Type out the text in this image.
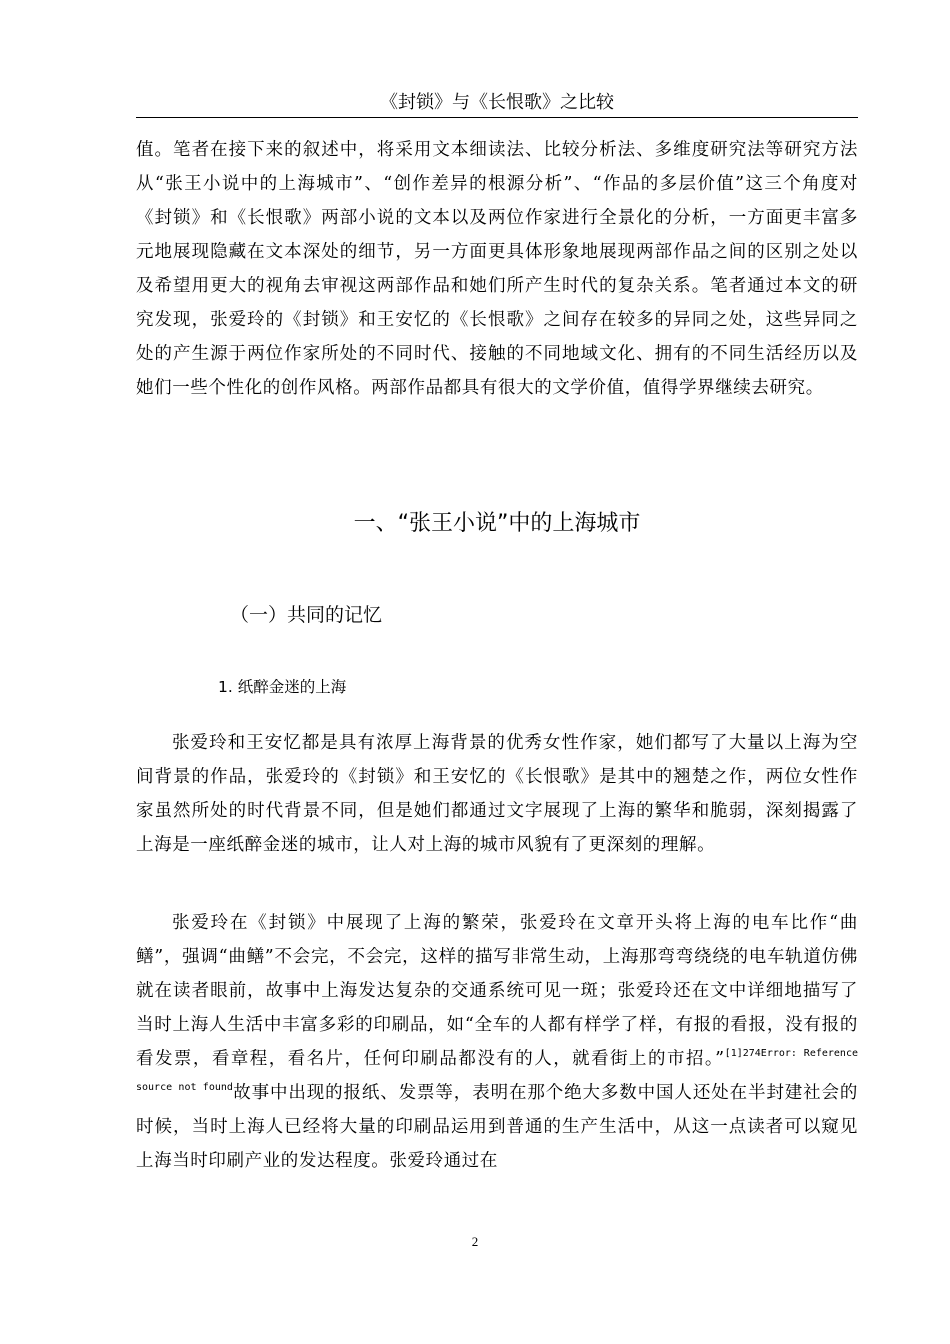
《封锁》与《长恨歌》之比较

值。笔者在接下来的叙述中，将采用文本细读法、比较分析法、多维度研究法等研究方法从“张王小说中的上海城市”、“创作差异的根源分析”、“作品的多层价值”这三个角度对《封锁》和《长恨歌》两部小说的文本以及两位作家进行全景化的分析，一方面更丰富多元地展现隐藏在文本深处的细节，另一方面更具体形象地展现两部作品之间的区别之处以及希望用更大的视角去审视这两部作品和她们所产生时代的复杂关系。笔者通过本文的研究发现，张爱玲的《封锁》和王安忆的《长恨歌》之间存在较多的异同之处，这些异同之处的产生源于两位作家所处的不同时代、接触的不同地域文化、拥有的不同生活经历以及她们一些个性化的创作风格。两部作品都具有很大的文学价值，值得学界继续去研究。

一、“张王小说”中的上海城市
（一）共同的记忆
1. 纸醉金迷的上海

张爱玲和王安忆都是具有浓厚上海背景的优秀女性作家，她们都写了大量以上海为空间背景的作品，张爱玲的《封锁》和王安忆的《长恨歌》是其中的翘楚之作，两位女性作家虽然所处的时代背景不同，但是她们都通过文字展现了上海的繁华和脆弱，深刻揭露了上海是一座纸醉金迷的城市，让人对上海的城市风貌有了更深刻的理解。

张爱玲在《封锁》中展现了上海的繁荣，张爱玲在文章开头将上海的电车比作“曲鳝”，强调“曲鳝”不会完，不会完，这样的描写非常生动，上海那弯弯绕绕的电车轨道仿佛就在读者眼前，故事中上海发达复杂的交通系统可见一斑；张爱玲还在文中详细地描写了当时上海人生活中丰富多彩的印刷品，如“全车的人都有样学了样，有报的看报，没有报的看发票，看章程，看名片，任何印刷品都没有的人，就看街上的市招。”$^{[1]274Error: Reference source not found}$故事中出现的报纸、发票等，表明在那个绝大多数中国人还处在半封建社会的时候，当时上海人已经将大量的印刷品运用到普通的生产生活中，从这一点读者可以窥见上海当时印刷产业的发达程度。张爱玲通过在

2
